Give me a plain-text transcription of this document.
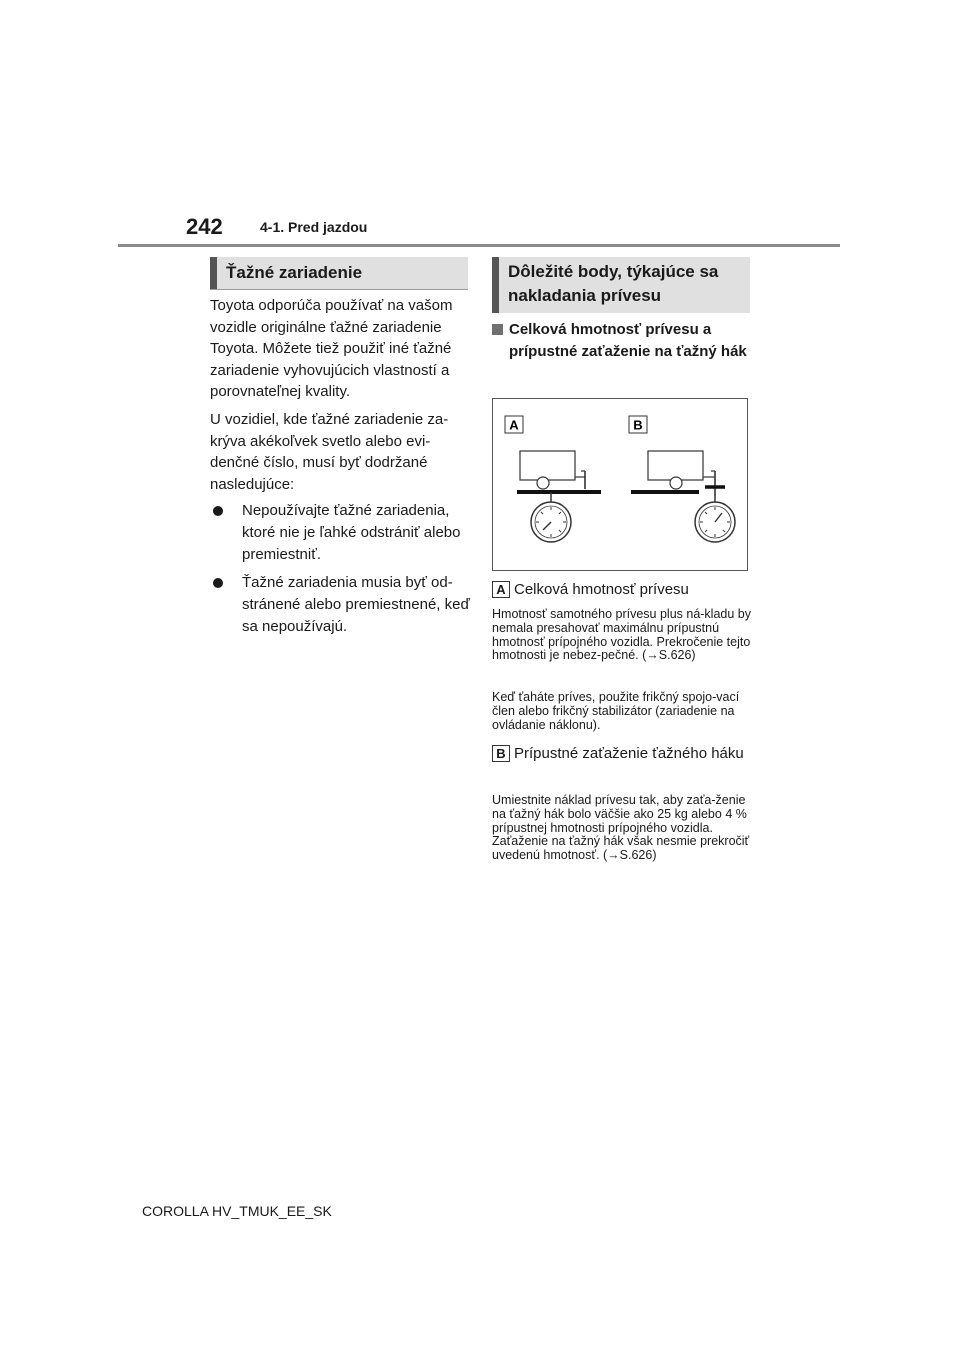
242	4-1. Pred jazdou
Ťažné zariadenie
Toyota odporúča používať na vašom vozidle originálne ťažné zariadenie Toyota. Môžete tiež použiť iné ťažné zariadenie vyhovujúcich vlastností a porovnateľnej kvality.
U vozidiel, kde ťažné zariadenie za-krýva akékoľvek svetlo alebo evi-denčné číslo, musí byť dodržané nasledujúce:
Nepoužívajte ťažné zariadenia, ktoré nie je ľahké odstrániť alebo premiestniť.
Ťažné zariadenia musia byť od-stránené alebo premiestnené, keď sa nepoužívajú.
Dôležité body, týkajúce sa nakladania prívesu
Celková hmotnosť prívesu a prípustné zaťaženie na ťažný hák
A	B
A Celková hmotnosť prívesu
Hmotnosť samotného prívesu plus ná-kladu by nemala presahovať maximálnu prípustnú hmotnosť prípojného vozidla. Prekročenie tejto hmotnosti je nebez-pečné. (→S.626)
Keď ťaháte príves, použite frikčný spojo-vací člen alebo frikčný stabilizátor (zariadenie na ovládanie náklonu).
B Prípustné zaťaženie ťažného háku
Umiestnite náklad prívesu tak, aby zaťa-ženie na ťažný hák bolo väčšie ako 25 kg alebo 4 % prípustnej hmotnosti prípojného vozidla. Zaťaženie na ťažný hák však nesmie prekročiť uvedenú hmotnosť. (→S.626)
COROLLA HV_TMUK_EE_SK
